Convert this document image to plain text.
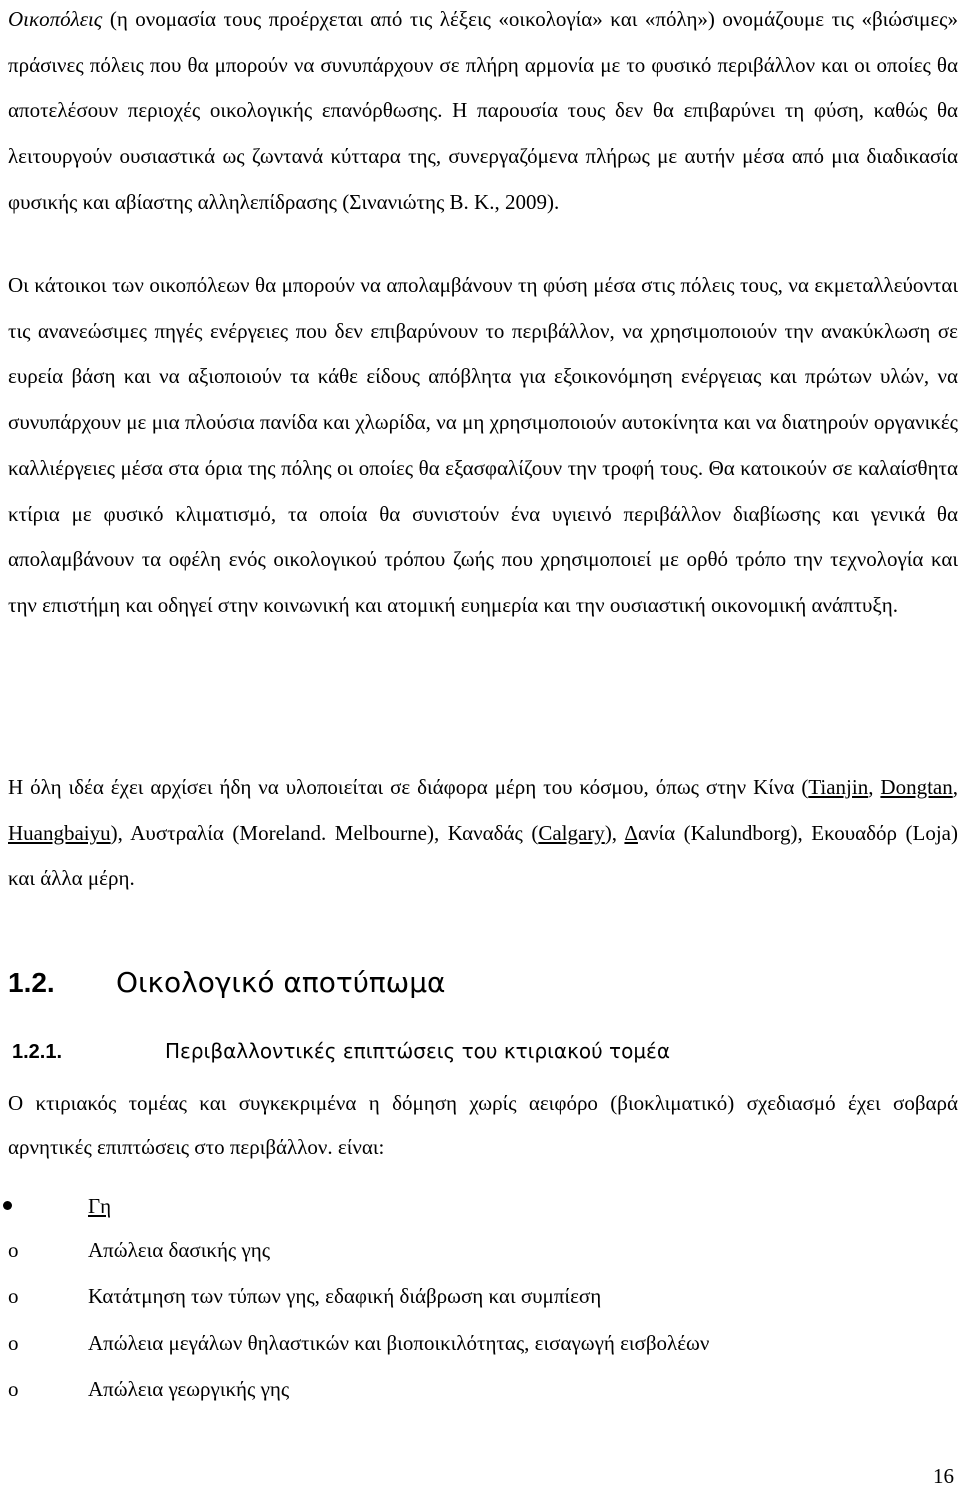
Οικοπόλεις (η ονομασία τους προέρχεται από τις λέξεις «οικολογία» και «πόλη») ονομάζουμε τις «βιώσιμες» πράσινες πόλεις που θα μπορούν να συνυπάρχουν σε πλήρη αρμονία με το φυσικό περιβάλλον και οι οποίες θα αποτελέσουν περιοχές οικολογικής επανόρθωσης. Η παρουσία τους δεν θα επιβαρύνει τη φύση, καθώς θα λειτουργούν ουσιαστικά ως ζωντανά κύτταρα της, συνεργαζόμενα πλήρως με αυτήν μέσα από μια διαδικασία φυσικής και αβίαστης αλληλεπίδρασης (Σινανιώτης Β. Κ., 2009).

Οι κάτοικοι των οικοπόλεων θα μπορούν να απολαμβάνουν τη φύση μέσα στις πόλεις τους, να εκμεταλλεύονται τις ανανεώσιμες πηγές ενέργειες που δεν επιβαρύνουν το περιβάλλον, να χρησιμοποιούν την ανακύκλωση σε ευρεία βάση και να αξιοποιούν τα κάθε είδους απόβλητα για εξοικονόμηση ενέργειας και πρώτων υλών, να συνυπάρχουν με μια πλούσια πανίδα και χλωρίδα, να μη χρησιμοποιούν αυτοκίνητα και να διατηρούν οργανικές καλλιέργειες μέσα στα όρια της πόλης οι οποίες θα εξασφαλίζουν την τροφή τους. Θα κατοικούν σε καλαίσθητα κτίρια με φυσικό κλιματισμό, τα οποία θα συνιστούν ένα υγιεινό περιβάλλον διαβίωσης και γενικά θα απολαμβάνουν τα οφέλη ενός οικολογικού τρόπου ζωής που χρησιμοποιεί με ορθό τρόπο την τεχνολογία και την επιστήμη και οδηγεί στην κοινωνική και ατομική ευημερία και την ουσιαστική οικονομική ανάπτυξη.

Η όλη ιδέα έχει αρχίσει ήδη να υλοποιείται σε διάφορα μέρη του κόσμου, όπως στην Κίνα (Tianjin, Dongtan, Huangbaiyu), Αυστραλία (Moreland. Melbourne), Καναδάς (Calgary), Δανία (Kalundborg), Εκουαδόρ (Loja) και άλλα μέρη.

1.2. Οικολογικό αποτύπωμα
1.2.1.	Περιβαλλοντικές επιπτώσεις του κτιριακού τομέα

Ο κτιριακός τομέας και συγκεκριμένα η δόμηση χωρίς αειφόρο (βιοκλιματικό) σχεδιασμό έχει σοβαρά αρνητικές επιπτώσεις στο περιβάλλον. είναι:

Γη
o	Απώλεια δασικής γης
o	Κατάτμηση των τύπων γης, εδαφική διάβρωση και συμπίεση
o	Απώλεια μεγάλων θηλαστικών και βιοποικιλότητας, εισαγωγή εισβολέων
o	Απώλεια γεωργικής γης
16
